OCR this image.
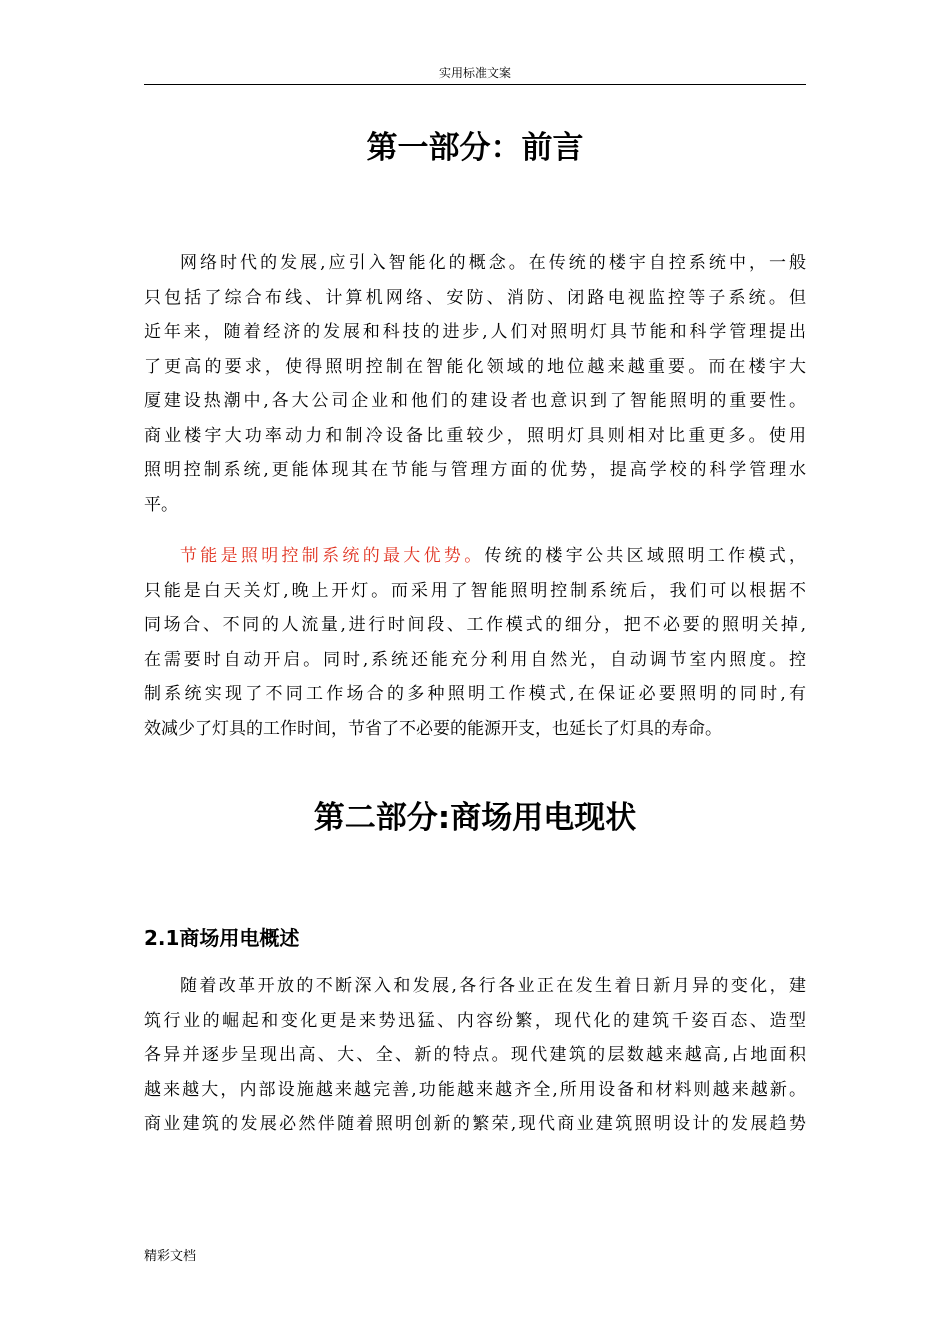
实用标准文案
第一部分：前言
网络时代的发展,应引入智能化的概念。在传统的楼宇自控系统中，一般
只包括了综合布线、计算机网络、安防、消防、闭路电视监控等子系统。但
近年来，随着经济的发展和科技的进步,人们对照明灯具节能和科学管理提出
了更高的要求，使得照明控制在智能化领域的地位越来越重要。而在楼宇大
厦建设热潮中,各大公司企业和他们的建设者也意识到了智能照明的重要性。
商业楼宇大功率动力和制冷设备比重较少，照明灯具则相对比重更多。使用
照明控制系统,更能体现其在节能与管理方面的优势，提高学校的科学管理水
平。
节能是照明控制系统的最大优势。传统的楼宇公共区域照明工作模式，
只能是白天关灯,晚上开灯。而采用了智能照明控制系统后，我们可以根据不
同场合、不同的人流量,进行时间段、工作模式的细分，把不必要的照明关掉,
在需要时自动开启。同时,系统还能充分利用自然光，自动调节室内照度。控
制系统实现了不同工作场合的多种照明工作模式,在保证必要照明的同时,有
效减少了灯具的工作时间，节省了不必要的能源开支，也延长了灯具的寿命。
第二部分:商场用电现状
2.1商场用电概述
随着改革开放的不断深入和发展,各行各业正在发生着日新月异的变化，建
筑行业的崛起和变化更是来势迅猛、内容纷繁，现代化的建筑千姿百态、造型
各异并逐步呈现出高、大、全、新的特点。现代建筑的层数越来越高,占地面积
越来越大，内部设施越来越完善,功能越来越齐全,所用设备和材料则越来越新。
商业建筑的发展必然伴随着照明创新的繁荣,现代商业建筑照明设计的发展趋势
精彩文档
